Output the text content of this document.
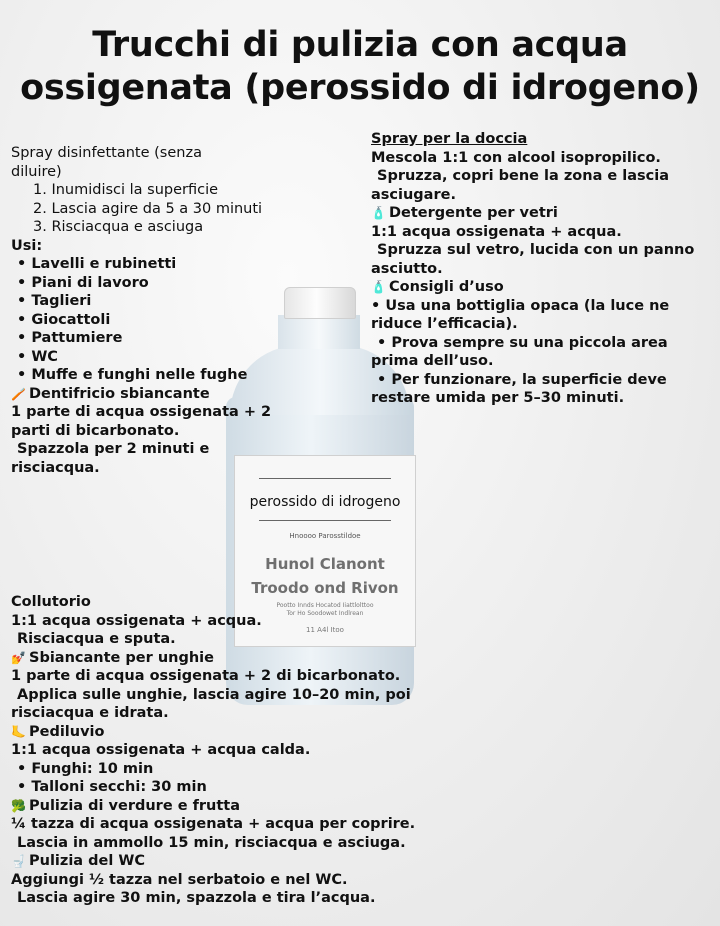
Trucchi di pulizia con acqua
ossigenata (perossido di idrogeno)
perossido di idrogeno
Hnoooo Parosstildoe
Hunol Clanont
Troodo ond Rivon
Pootto Innds Hocatod Iiattlolttoo
Tor Ho Soodowet Indlrean
11 A4l Itoo
Spray disinfettante (senza
diluire)
1. Inumidisci la superficie
2. Lascia agire da 5 a 30 minuti
3. Risciacqua e asciuga
Usi:
• Lavelli e rubinetti
• Piani di lavoro
• Taglieri
• Giocattoli
• Pattumiere
• WC
• Muffe e funghi nelle fughe
🪥 Dentifricio sbiancante
1 parte di acqua ossigenata + 2
parti di bicarbonato.
Spazzola per 2 minuti e
risciacqua.
Spray per la doccia
Mescola 1:1 con alcool isopropilico.
Spruzza, copri bene la zona e lascia
asciugare.
🧴 Detergente per vetri
1:1 acqua ossigenata + acqua.
Spruzza sul vetro, lucida con un panno
asciutto.
🧴 Consigli d’uso
• Usa una bottiglia opaca (la luce ne
riduce l’efficacia).
• Prova sempre su una piccola area
prima dell’uso.
• Per funzionare, la superficie deve
restare umida per 5–30 minuti.
Collutorio
1:1 acqua ossigenata + acqua.
Risciacqua e sputa.
💅 Sbiancante per unghie
1 parte di acqua ossigenata + 2 di bicarbonato.
Applica sulle unghie, lascia agire 10–20 min, poi
risciacqua e idrata.
🦶 Pediluvio
1:1 acqua ossigenata + acqua calda.
• Funghi: 10 min
• Talloni secchi: 30 min
🥦 Pulizia di verdure e frutta
¼ tazza di acqua ossigenata + acqua per coprire.
Lascia in ammollo 15 min, risciacqua e asciuga.
🚽 Pulizia del WC
Aggiungi ½ tazza nel serbatoio e nel WC.
Lascia agire 30 min, spazzola e tira l’acqua.
